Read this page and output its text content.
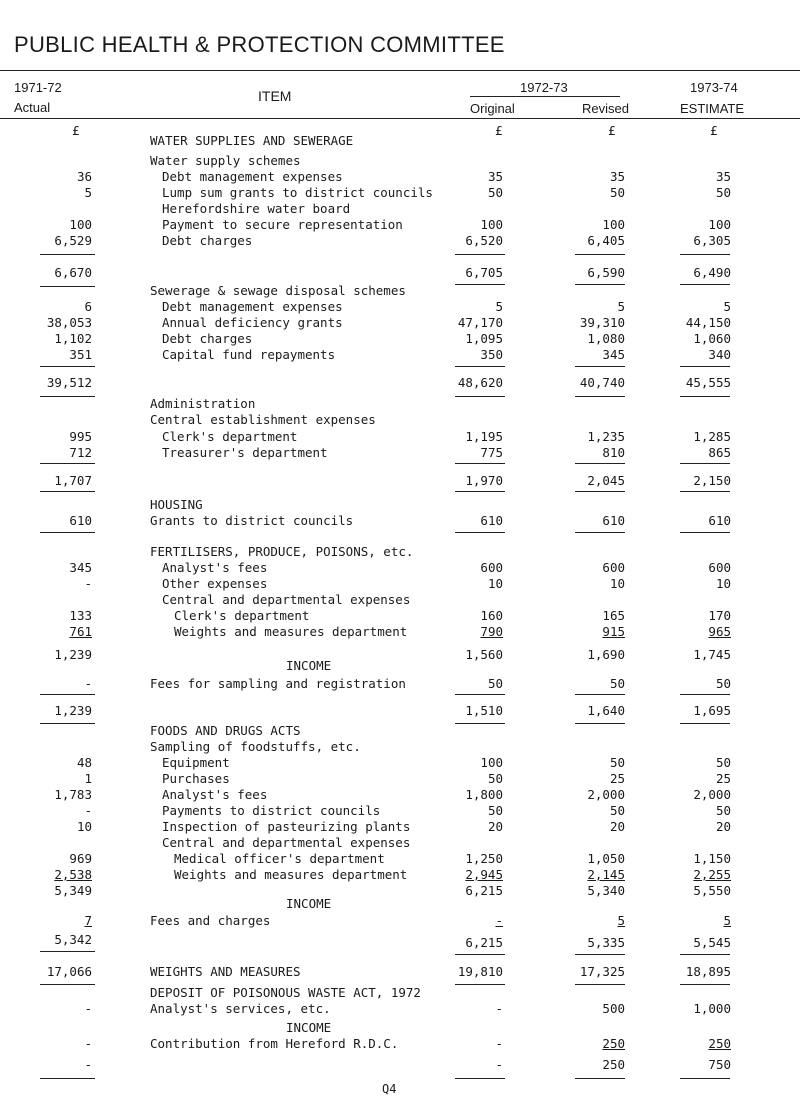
PUBLIC HEALTH & PROTECTION COMMITTEE
1971-72
Actual
ITEM
1972-73
Original	Revised
1973-74
ESTIMATE
£	£	£	£
WATER SUPPLIES AND SEWERAGE
Water supply schemes
36	Debt management expenses	35	35	35
5	Lump sum grants to district councils	50	50	50
Herefordshire water board
100	Payment to secure representation	100	100	100
6,529	Debt charges	6,520	6,405	6,305
6,670	6,705	6,590	6,490
Sewerage & sewage disposal schemes
6	Debt management expenses	5	5	5
38,053	Annual deficiency grants	47,170	39,310	44,150
1,102	Debt charges	1,095	1,080	1,060
351	Capital fund repayments	350	345	340
39,512	48,620	40,740	45,555
Administration
Central establishment expenses
995	Clerk's department	1,195	1,235	1,285
712	Treasurer's department	775	810	865
1,707	1,970	2,045	2,150
HOUSING
610	Grants to district councils	610	610	610
FERTILISERS, PRODUCE, POISONS, etc.
345	Analyst's fees	600	600	600
-	Other expenses	10	10	10
Central and departmental expenses
133	Clerk's department	160	165	170
761	Weights and measures department	790	915	965
1,239	1,560	1,690	1,745
INCOME
-	Fees for sampling and registration	50	50	50
1,239	1,510	1,640	1,695
FOODS AND DRUGS ACTS
Sampling of foodstuffs, etc.
48	Equipment	100	50	50
1	Purchases	50	25	25
1,783	Analyst's fees	1,800	2,000	2,000
-	Payments to district councils	50	50	50
10	Inspection of pasteurizing plants	20	20	20
Central and departmental expenses
969	Medical officer's department	1,250	1,050	1,150
2,538	Weights and measures department	2,945	2,145	2,255
5,349	6,215	5,340	5,550
INCOME
7	Fees and charges	-	5	5
5,342	6,215	5,335	5,545
17,066	WEIGHTS AND MEASURES	19,810	17,325	18,895
DEPOSIT OF POISONOUS WASTE ACT, 1972
-	Analyst's services, etc.	-	500	1,000
INCOME
-	Contribution from Hereford R.D.C.	-	250	250
-	-	250	750
Q4
